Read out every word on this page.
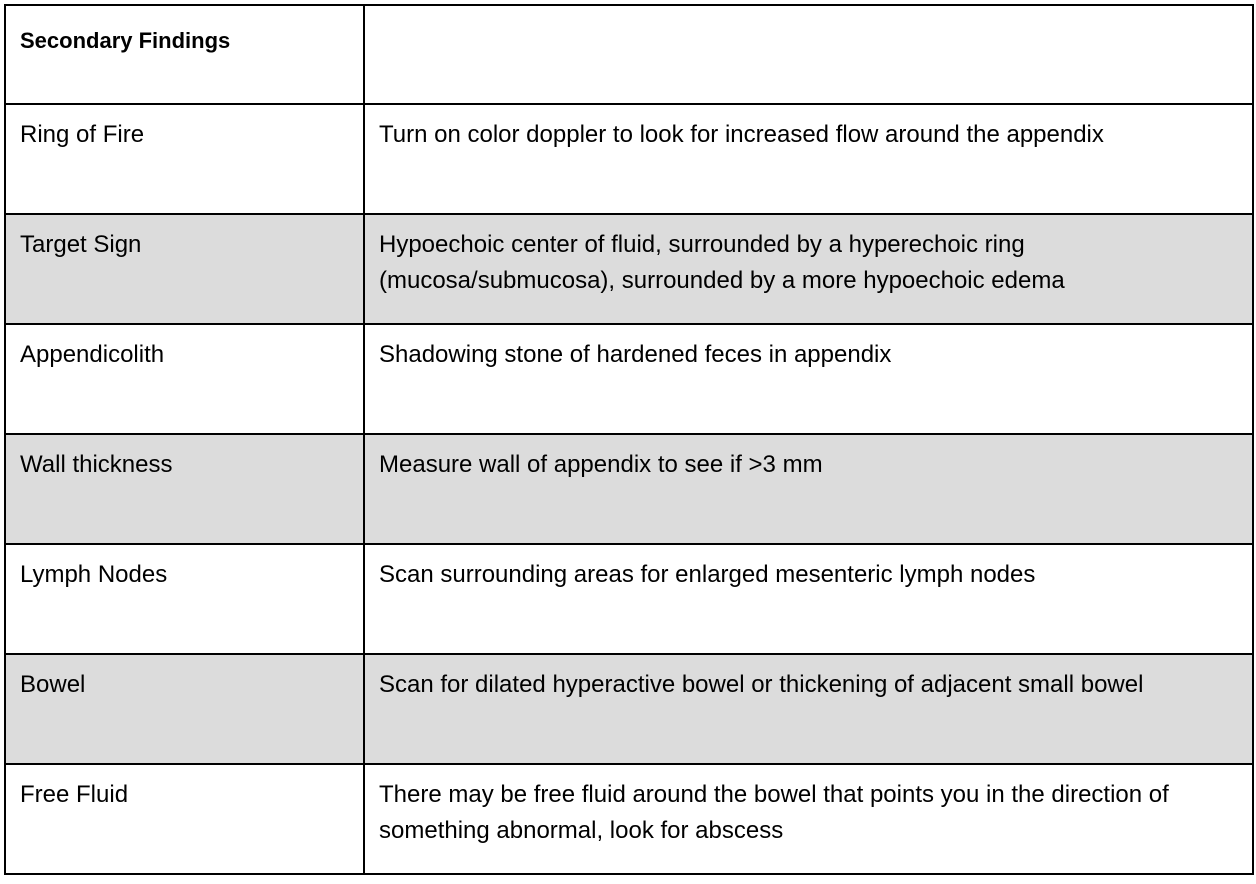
Secondary Findings	
Ring of Fire	Turn on color doppler to look for increased flow around the appendix
Target Sign	Hypoechoic center of fluid, surrounded by a hyperechoic ring (mucosa/submucosa), surrounded by a more hypoechoic edema
Appendicolith	Shadowing stone of hardened feces in appendix
Wall thickness	Measure wall of appendix to see if >3 mm
Lymph Nodes	Scan surrounding areas for enlarged mesenteric lymph nodes
Bowel	Scan for dilated hyperactive bowel or thickening of adjacent small bowel
Free Fluid	There may be free fluid around the bowel that points you in the direction of something abnormal, look for abscess
